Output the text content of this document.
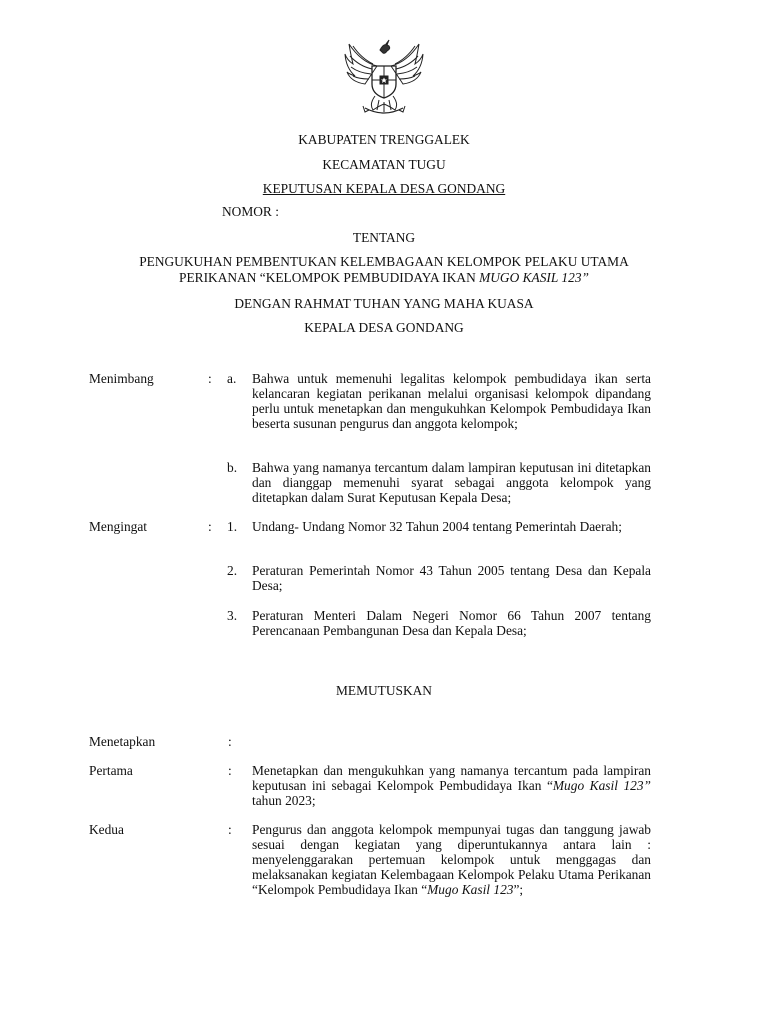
KABUPATEN TRENGGALEK
KECAMATAN TUGU
KEPUTUSAN KEPALA DESA GONDANG
NOMOR :
TENTANG
PENGUKUHAN PEMBENTUKAN KELEMBAGAAN KELOMPOK PELAKU UTAMA
PERIKANAN “KELOMPOK PEMBUDIDAYA IKAN MUGO KASIL 123”
DENGAN RAHMAT TUHAN YANG MAHA KUASA
KEPALA DESA GONDANG
Menimbang	: a. Bahwa untuk memenuhi legalitas kelompok pembudidaya ikan serta kelancaran kegiatan perikanan melalui organisasi kelompok dipandang perlu untuk menetapkan dan mengukuhkan Kelompok Pembudidaya Ikan beserta susunan pengurus dan anggota kelompok;
b. Bahwa yang namanya tercantum dalam lampiran keputusan ini ditetapkan dan dianggap memenuhi syarat sebagai anggota kelompok yang ditetapkan dalam Surat Keputusan Kepala Desa;
Mengingat	: 1. Undang- Undang Nomor 32 Tahun 2004 tentang Pemerintah Daerah;
2. Peraturan Pemerintah Nomor 43 Tahun 2005 tentang Desa dan Kepala Desa;
3. Peraturan Menteri Dalam Negeri Nomor 66 Tahun 2007 tentang Perencanaan Pembangunan Desa dan Kepala Desa;
MEMUTUSKAN
Menetapkan	:
Pertama	: Menetapkan dan mengukuhkan yang namanya tercantum pada lampiran keputusan ini sebagai Kelompok Pembudidaya Ikan “Mugo Kasil 123” tahun 2023;
Kedua	: Pengurus dan anggota kelompok mempunyai tugas dan tanggung jawab sesuai dengan kegiatan yang diperuntukannya antara lain : menyelenggarakan pertemuan kelompok untuk menggagas dan melaksanakan kegiatan Kelembagaan Kelompok Pelaku Utama Perikanan “Kelompok Pembudidaya Ikan “Mugo Kasil 123”;
